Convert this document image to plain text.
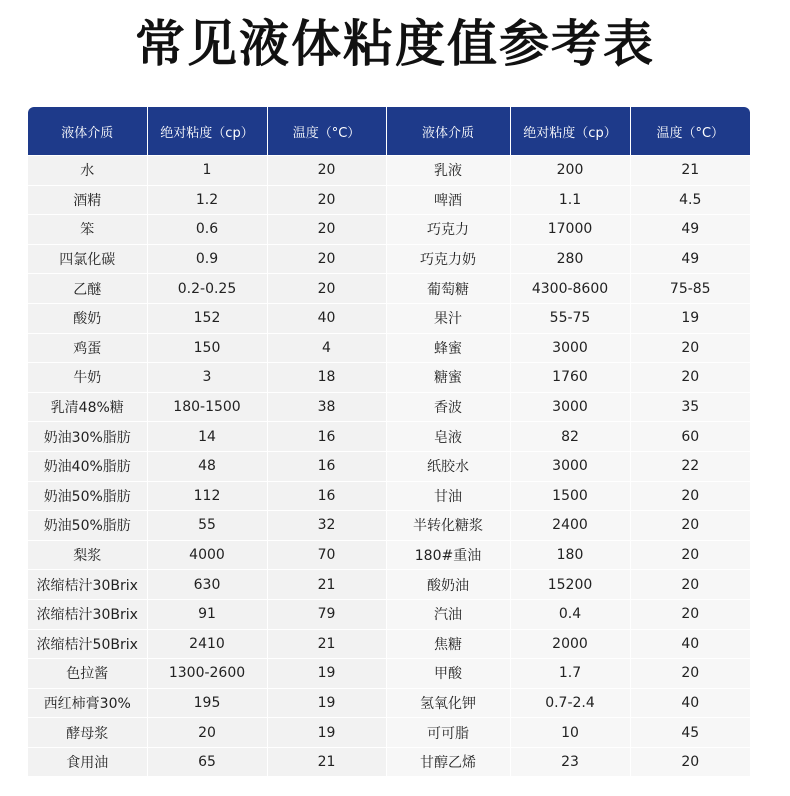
常见液体粘度值参考表
液体介质	绝对粘度（cp）	温度（°C）	液体介质	绝对粘度（cp）	温度（°C）
水	1	20	乳液	200	21
酒精	1.2	20	啤酒	1.1	4.5
笨	0.6	20	巧克力	17000	49
四氯化碳	0.9	20	巧克力奶	280	49
乙醚	0.2-0.25	20	葡萄糖	4300-8600	75-85
酸奶	152	40	果汁	55-75	19
鸡蛋	150	4	蜂蜜	3000	20
牛奶	3	18	糖蜜	1760	20
乳清48%糖	180-1500	38	香波	3000	35
奶油30%脂肪	14	16	皂液	82	60
奶油40%脂肪	48	16	纸胶水	3000	22
奶油50%脂肪	112	16	甘油	1500	20
奶油50%脂肪	55	32	半转化糖浆	2400	20
梨浆	4000	70	180#重油	180	20
浓缩桔汁30Brix	630	21	酸奶油	15200	20
浓缩桔汁30Brix	91	79	汽油	0.4	20
浓缩桔汁50Brix	2410	21	焦糖	2000	40
色拉酱	1300-2600	19	甲酸	1.7	20
西红柿膏30%	195	19	氢氧化钾	0.7-2.4	40
酵母浆	20	19	可可脂	10	45
食用油	65	21	甘醇乙烯	23	20
